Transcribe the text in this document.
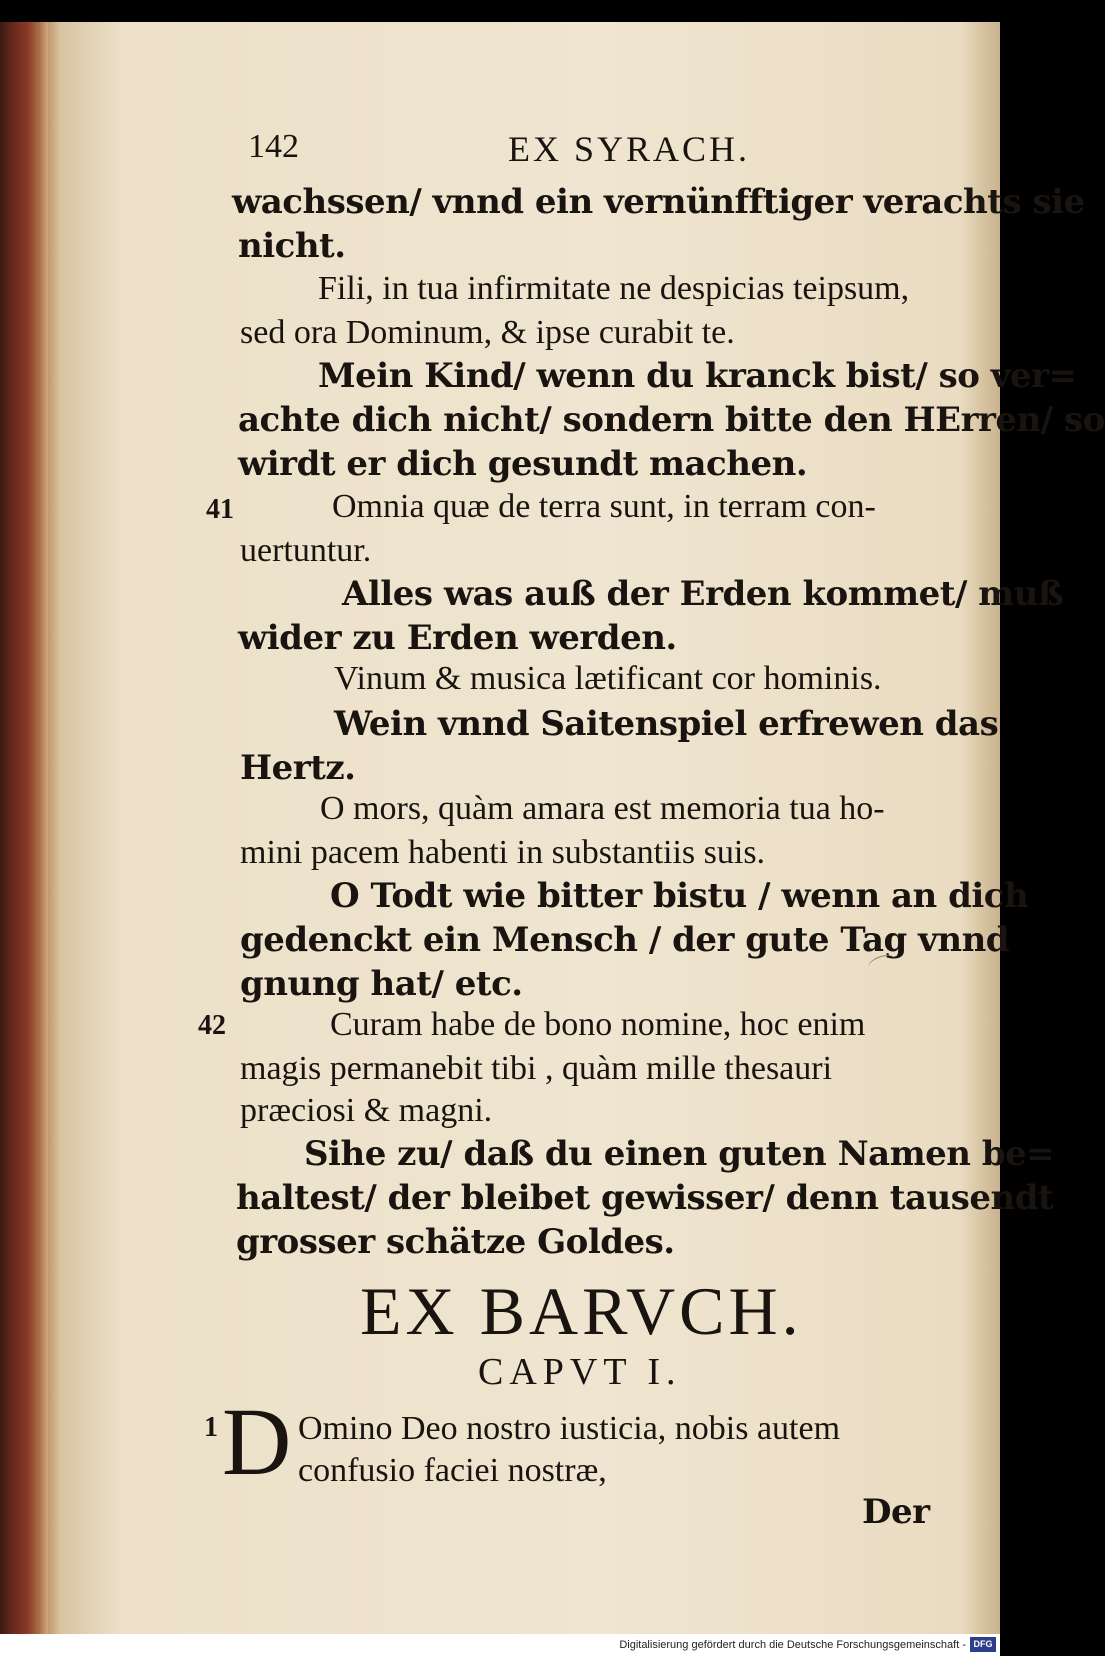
142	EX SYRACH.
wachssen/ vnnd ein vernünfftiger verachts sie
nicht.
Fili, in tua infirmitate ne despicias teipsum,
sed ora Dominum, & ipse curabit te.
Mein Kind/ wenn du kranck bist/ so ver=
achte dich nicht/ sondern bitte den HErren/ so
wirdt er dich gesundt machen.
41	Omnia quæ de terra sunt, in terram con-
uertuntur.
Alles was auß der Erden kommet/ muß
wider zu Erden werden.
Vinum & musica lætificant cor hominis.
Wein vnnd Saitenspiel erfrewen das
Hertz.
O mors, quàm amara est memoria tua ho-
mini pacem habenti in substantiis suis.
O Todt wie bitter bistu / wenn an dich
gedenckt ein Mensch / der gute Tag vnnd
gnung hat/ etc.
42	Curam habe de bono nomine, hoc enim
magis permanebit tibi , quàm mille thesauri
præciosi & magni.
Sihe zu/ daß du einen guten Namen be=
haltest/ der bleibet gewisser/ denn tausendt
grosser schätze Goldes.
EX BARVCH.
CAPVT I.
1 D Omino Deo nostro iusticia, nobis autem
confusio faciei nostræ,
Der
Digitalisierung gefördert durch die Deutsche Forschungsgemeinschaft - DFG
